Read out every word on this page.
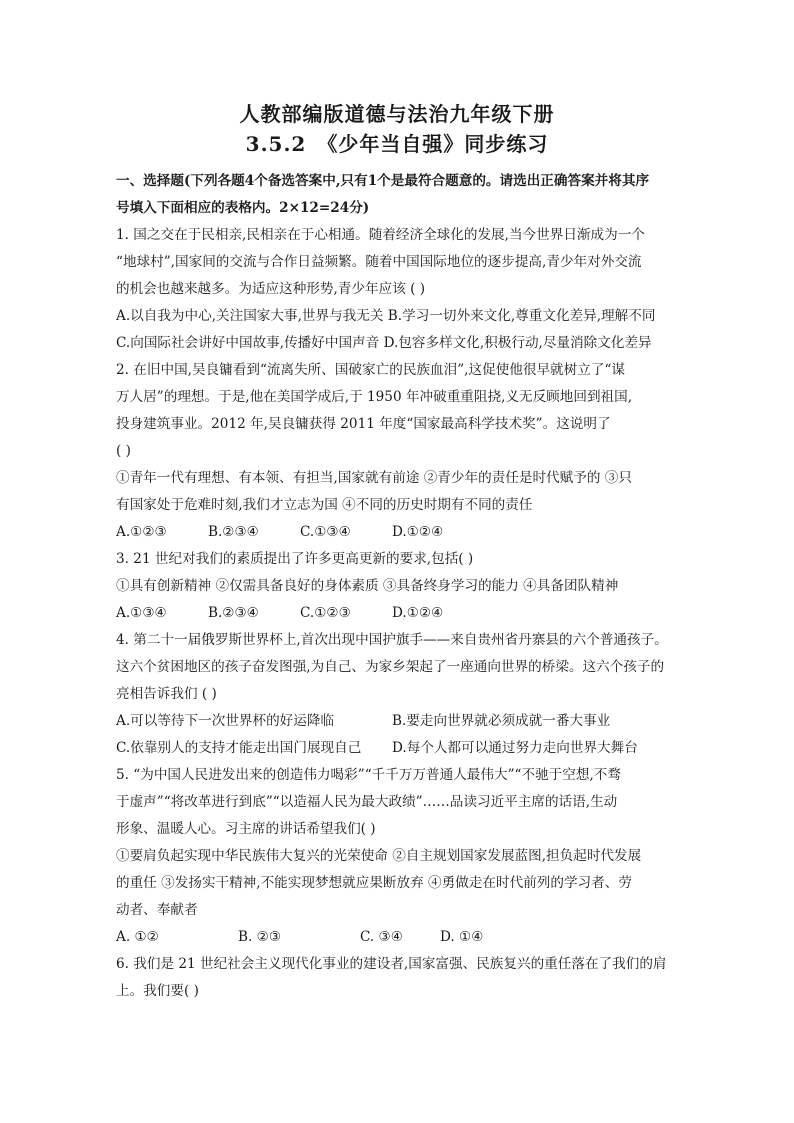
人教部编版道德与法治九年级下册
3.5.2　《少年当自强》同步练习
一、选择题(下列各题4个备选答案中,只有1个是最符合题意的。请选出正确答案并将其序
号填入下面相应的表格内。2×12=24分)
1. 国之交在于民相亲,民相亲在于心相通。随着经济全球化的发展,当今世界日渐成为一个
“地球村”,国家间的交流与合作日益频繁。随着中国国际地位的逐步提高,青少年对外交流
的机会也越来越多。为适应这种形势,青少年应该 ( )
A.以自我为中心,关注国家大事,世界与我无关 B.学习一切外来文化,尊重文化差异,理解不同
C.向国际社会讲好中国故事,传播好中国声音 D.包容多样文化,积极行动,尽量消除文化差异
2. 在旧中国,吴良镛看到“流离失所、国破家亡的民族血泪”,这促使他很早就树立了“谋
万人居”的理想。于是,他在美国学成后,于 1950 年冲破重重阻挠,义无反顾地回到祖国,
投身建筑事业。2012 年,吴良镛获得 2011 年度“国家最高科学技术奖”。这说明了
( )
①青年一代有理想、有本领、有担当,国家就有前途 ②青少年的责任是时代赋予的 ③只
有国家处于危难时刻,我们才立志为国 ④不同的历史时期有不同的责任
A.①②③	B.②③④	C.①③④	D.①②④
3. 21 世纪对我们的素质提出了许多更高更新的要求,包括( )
①具有创新精神 ②仅需具备良好的身体素质 ③具备终身学习的能力 ④具备团队精神
A.①③④	B.②③④	C.①②③	D.①②④
4. 第二十一届俄罗斯世界杯上,首次出现中国护旗手——来自贵州省丹寨县的六个普通孩子。
这六个贫困地区的孩子奋发图强,为自己、为家乡架起了一座通向世界的桥梁。这六个孩子的
亮相告诉我们 ( )
A.可以等待下一次世界杯的好运降临	B.要走向世界就必须成就一番大事业
C.依靠别人的支持才能走出国门展现自己	D.每个人都可以通过努力走向世界大舞台
5. “为中国人民进发出来的创造伟力喝彩”“千千万万普通人最伟大”“不驰于空想,不骛
于虚声”“将改革进行到底”“以造福人民为最大政绩”……品读习近平主席的话语,生动
形象、温暖人心。习主席的讲话希望我们( )
①要肩负起实现中华民族伟大复兴的光荣使命 ②自主规划国家发展蓝图,担负起时代发展
的重任 ③发扬实干精神,不能实现梦想就应果断放弃 ④勇做走在时代前列的学习者、劳
动者、奉献者
A. ①②	B. ②③	C. ③④	D. ①④
6. 我们是 21 世纪社会主义现代化事业的建设者,国家富强、民族复兴的重任落在了我们的肩
上。我们要( )
